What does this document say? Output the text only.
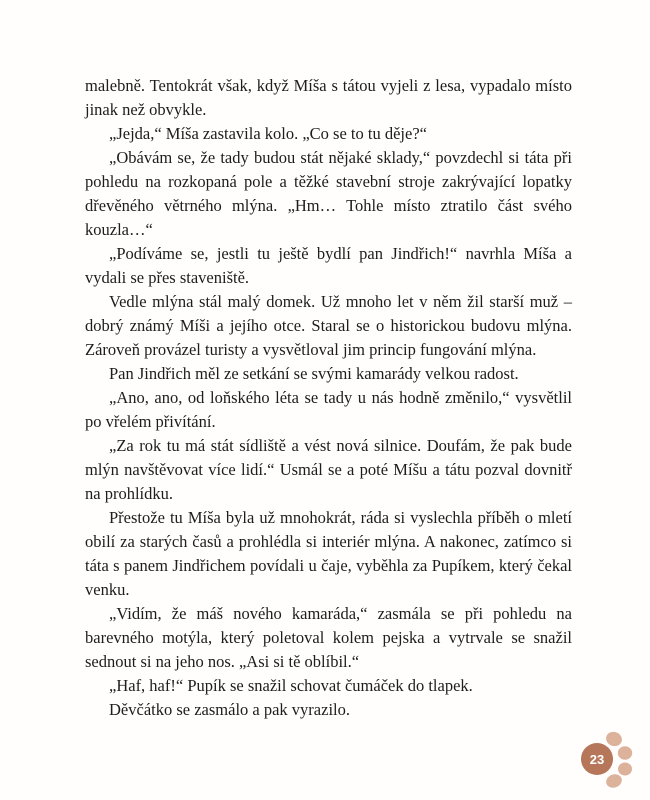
malebně. Tentokrát však, když Míša s tátou vyjeli z lesa, vypadalo místo jinak než obvykle.

„Jejda,“ Míša zastavila kolo. „Co se to tu děje?“

„Obávám se, že tady budou stát nějaké sklady,“ povzdechl si táta při pohledu na rozkopaná pole a těžké stavební stroje zakrývající lopatky dřevěného větrného mlýna. „Hm… Tohle místo ztratilo část svého kouzla…“

„Podíváme se, jestli tu ještě bydlí pan Jindřich!“ navrhla Míša a vydali se přes staveniště.

Vedle mlýna stál malý domek. Už mnoho let v něm žil starší muž – dobrý známý Míši a jejího otce. Staral se o historickou budovu mlýna. Zároveň provázel turisty a vysvětloval jim princip fungování mlýna.

Pan Jindřich měl ze setkání se svými kamarády velkou radost.

„Ano, ano, od loňského léta se tady u nás hodně změnilo,“ vysvětlil po vřelém přivítání.

„Za rok tu má stát sídliště a vést nová silnice. Doufám, že pak bude mlýn navštěvovat více lidí.“ Usmál se a poté Míšu a tátu pozval dovnitř na prohlídku.

Přestože tu Míša byla už mnohokrát, ráda si vyslechla příběh o mletí obilí za starých časů a prohlédla si interiér mlýna. A nakonec, zatímco si táta s panem Jindřichem povídali u čaje, vyběhla za Pupíkem, který čekal venku.

„Vidím, že máš nového kamaráda,“ zasmála se při pohledu na barevného motýla, který poletoval kolem pejska a vytrvale se snažil sednout si na jeho nos. „Asi si tě oblíbil.“

„Haf, haf!“ Pupík se snažil schovat čumáček do tlapek.

Děvčátko se zasmálo a pak vyrazilo.

23
